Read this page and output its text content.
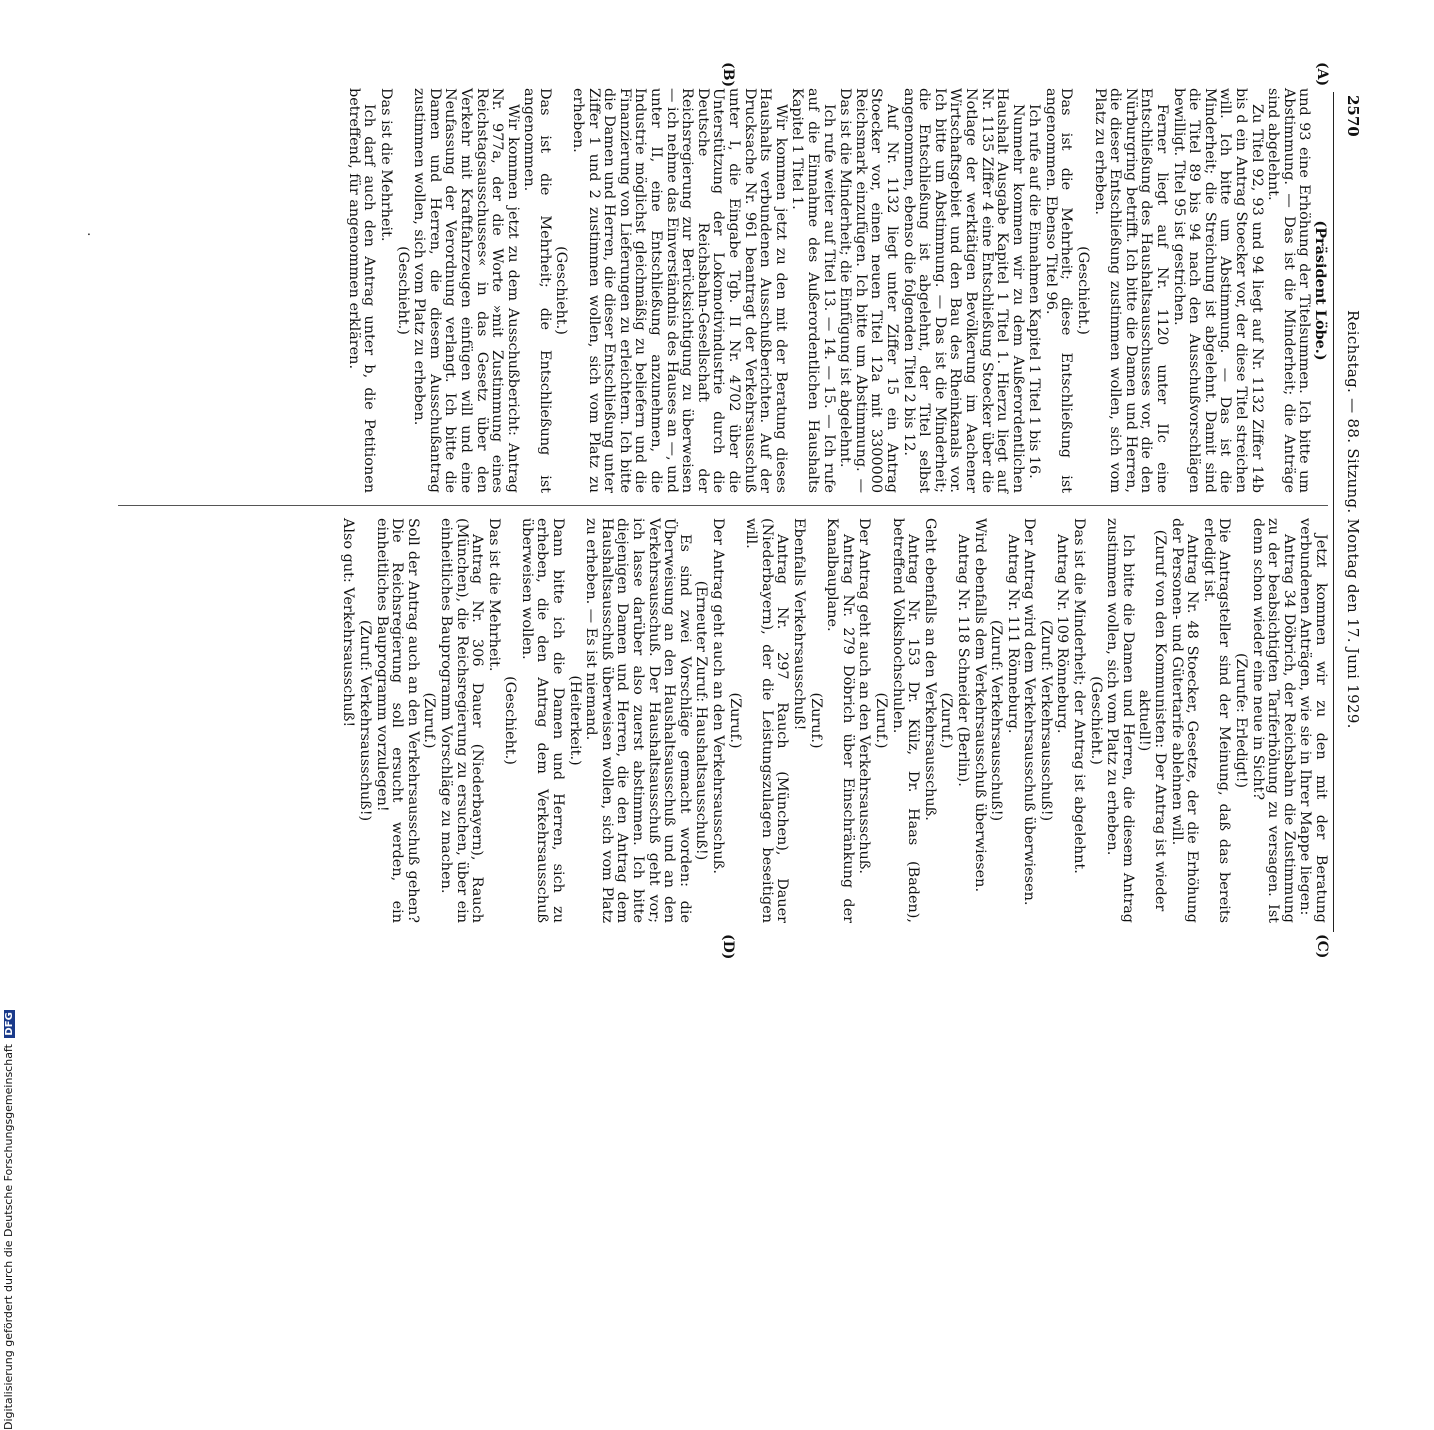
2570
Reichstag. — 88. Sitzung. Montag den 17. Juni 1929.
(A)
(B)
(C)
(D)
.	(Präsident Löbe.)

und 93 eine Erhöhung der Titelsummen. Ich bitte um Abstimmung. — Das ist die Minderheit; die Anträge sind abgelehnt.

Zu Titel 92, 93 und 94 liegt auf Nr. 1132 Ziffer 14b bis d ein Antrag Stoecker vor, der diese Titel streichen will. Ich bitte um Abstimmung. — Das ist die Minderheit; die Streichung ist abgelehnt. Damit sind die Titel 89 bis 94 nach den Ausschußvorschlägen bewilligt. Titel 95 ist gestrichen.

Ferner liegt auf Nr. 1120 unter IIc eine Entschließung des Haushaltsausschusses vor, die den Nürburgring betrifft. Ich bitte die Damen und Herren, die dieser Entschließung zustimmen wollen, sich vom Platz zu erheben.

(Geschieht.)

Das ist die Mehrheit; diese Entschließung ist angenommen. Ebenso Titel 96.

Ich rufe auf die Einnahmen Kapitel 1 Titel 1 bis 16.

Nunmehr kommen wir zu dem Außerordentlichen Haushalt Ausgabe Kapitel 1 Titel 1. Hierzu liegt auf Nr. 1135 Ziffer 4 eine Entschließung Stoecker über die Notlage der werktätigen Bevölkerung im Aachener Wirtschaftsgebiet und den Bau des Rheinkanals vor. Ich bitte um Abstimmung. — Das ist die Minderheit; die Entschließung ist abgelehnt, der Titel selbst angenommen, ebenso die folgenden Titel 2 bis 12.

Auf Nr. 1132 liegt unter Ziffer 15 ein Antrag Stoecker vor, einen neuen Titel 12a mit 3300000 Reichsmark einzufügen. Ich bitte um Abstimmung. — Das ist die Minderheit; die Einfügung ist abgelehnt.

Ich rufe weiter auf Titel 13. — 14. — 15. — Ich rufe auf die Einnahme des Außerordentlichen Haushalts Kapitel 1 Titel 1.

Wir kommen jetzt zu den mit der Beratung dieses Haushalts verbundenen Ausschußberichten. Auf der Drucksache Nr. 961 beantragt der Verkehrsausschuß unter I, die Eingabe Tgb. II Nr. 4702 über die Unterstützung der Lokomotivindustrie durch die Deutsche Reichsbahn-Gesellschaft der Reichsregierung zur Berücksichtigung zu überweisen — ich nehme das Einverständnis des Hauses an —, und unter II, eine Entschließung anzunehmen, die Industrie möglichst gleichmäßig zu beliefern und die Finanzierung von Lieferungen zu erleichtern. Ich bitte die Damen und Herren, die dieser Entschließung unter Ziffer 1 und 2 zustimmen wollen, sich vom Platz zu erheben.

(Geschieht.)

Das ist die Mehrheit; die Entschließung ist angenommen.

Wir kommen jetzt zu dem Ausschußbericht: Antrag Nr. 977a, der die Worte »mit Zustimmung eines Reichstagsausschusses« in das Gesetz über den Verkehr mit Kraftfahrzeugen einfügen will und eine Neufassung der Verordnung verlangt. Ich bitte die Damen und Herren, die diesem Ausschußantrag zustimmen wollen, sich vom Platz zu erheben.

(Geschieht.)

Das ist die Mehrheit.

Ich darf auch den Antrag unter b, die Petitionen betreffend, für angenommen erklären.

Jetzt kommen wir zu den mit der Beratung verbundenen Anträgen, wie sie in Ihrer Mappe liegen:

Antrag 34 Döbrich, der Reichsbahn die Zustimmung zu der beabsichtigten Tariferhöhung zu versagen. Ist denn schon wieder eine neue in Sicht?

(Zurufe: Erledigt!)

Die Antragsteller sind der Meinung, daß das bereits erledigt ist.

Antrag Nr. 48 Stoecker, Gesetze, der die Erhöhung der Personen- und Gütertarife ablehnen will.

(Zuruf von den Kommunisten: Der Antrag ist wieder aktuell!)

Ich bitte die Damen und Herren, die diesem Antrag zustimmen wollen, sich vom Platz zu erheben.

(Geschieht.)

Das ist die Minderheit; der Antrag ist abgelehnt.

Antrag Nr. 109 Rönneburg.

(Zuruf: Verkehrsausschuß!)

Der Antrag wird dem Verkehrsausschuß überwiesen.

Antrag Nr. 111 Rönneburg.

(Zuruf: Verkehrsausschuß!)

Wird ebenfalls dem Verkehrsausschuß überwiesen.

Antrag Nr. 118 Schneider (Berlin).

(Zuruf.)

Geht ebenfalls an den Verkehrsausschuß.

Antrag Nr. 153 Dr. Külz, Dr. Haas (Baden), betreffend Volkshochschulen.

(Zuruf.)

Der Antrag geht auch an den Verkehrsausschuß.

Antrag Nr. 279 Döbrich über Einschränkung der Kanalbauplane.

(Zuruf.)

Ebenfalls Verkehrsausschuß!

Antrag Nr. 297 Rauch (München), Dauer (Niederbayern), der die Leistungszulagen beseitigen will.

(Zuruf.)

Der Antrag geht auch an den Verkehrsausschuß.

(Erneuter Zuruf: Haushaltsausschuß!)

Es sind zwei Vorschläge gemacht worden: die Überweisung an den Haushaltsausschuß und an den Verkehrsausschuß. Der Haushaltsausschuß geht vor; ich lasse darüber also zuerst abstimmen. Ich bitte diejenigen Damen und Herren, die den Antrag dem Haushaltsausschuß überweisen wollen, sich vom Platz zu erheben. — Es ist niemand.

(Heiterkeit.)

Dann bitte ich die Damen und Herren, sich zu erheben, die den Antrag dem Verkehrsausschuß überweisen wollen.

(Geschieht.)

Das ist die Mehrheit.

Antrag Nr. 306 Dauer (Niederbayern), Rauch (München), die Reichsregierung zu ersuchen, über ein einheitliches Bauprogramm Vorschläge zu machen.

(Zuruf.)

Soll der Antrag auch an den Verkehrsausschuß gehen? Die Reichsregierung soll ersucht werden, ein einheitliches Bauprogramm vorzulegen!

(Zuruf: Verkehrsausschuß!)

Also gut: Verkehrsausschuß!

Digitalisierung gefördert durch die Deutsche Forschungsgemeinschaft DFG
